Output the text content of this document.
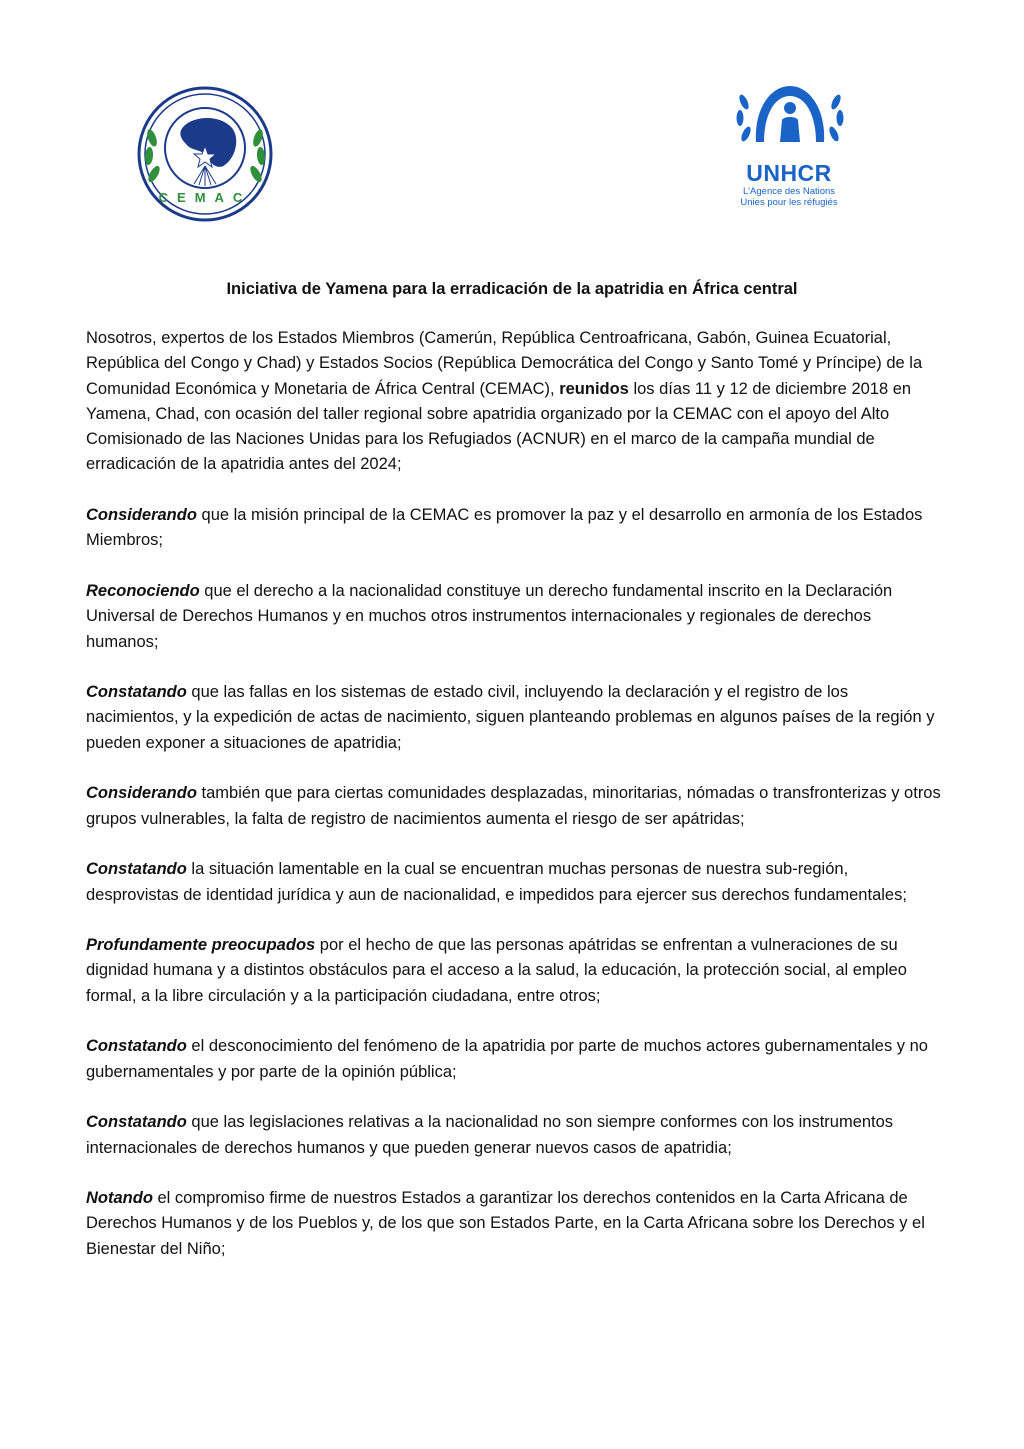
CEMAC
UNHCR
L'Agence des Nations
Unies pour les réfugiés
Iniciativa de Yamena para la erradicación de la apatridia en África central

Nosotros, expertos de los Estados Miembros (Camerún, República Centroafricana, Gabón, Guinea Ecuatorial, República del Congo y Chad) y Estados Socios (República Democrática del Congo y Santo Tomé y Príncipe) de la Comunidad Económica y Monetaria de África Central (CEMAC), reunidos los días 11 y 12 de diciembre 2018 en Yamena, Chad, con ocasión del taller regional sobre apatridia organizado por la CEMAC con el apoyo del Alto Comisionado de las Naciones Unidas para los Refugiados (ACNUR) en el marco de la campaña mundial de erradicación de la apatridia antes del 2024;

Considerando que la misión principal de la CEMAC es promover la paz y el desarrollo en armonía de los Estados Miembros;

Reconociendo que el derecho a la nacionalidad constituye un derecho fundamental inscrito en la Declaración Universal de Derechos Humanos y en muchos otros instrumentos internacionales y regionales de derechos humanos;

Constatando que las fallas en los sistemas de estado civil, incluyendo la declaración y el registro de los nacimientos, y la expedición de actas de nacimiento, siguen planteando problemas en algunos países de la región y pueden exponer a situaciones de apatridia;

Considerando también que para ciertas comunidades desplazadas, minoritarias, nómadas o transfronterizas y otros grupos vulnerables, la falta de registro de nacimientos aumenta el riesgo de ser apátridas;

Constatando la situación lamentable en la cual se encuentran muchas personas de nuestra sub-región, desprovistas de identidad jurídica y aun de nacionalidad, e impedidos para ejercer sus derechos fundamentales;

Profundamente preocupados por el hecho de que las personas apátridas se enfrentan a vulneraciones de su dignidad humana y a distintos obstáculos para el acceso a la salud, la educación, la protección social, al empleo formal, a la libre circulación y a la participación ciudadana, entre otros;

Constatando el desconocimiento del fenómeno de la apatridia por parte de muchos actores gubernamentales y no gubernamentales y por parte de la opinión pública;

Constatando que las legislaciones relativas a la nacionalidad no son siempre conformes con los instrumentos internacionales de derechos humanos y que pueden generar nuevos casos de apatridia;

Notando el compromiso firme de nuestros Estados a garantizar los derechos contenidos en la Carta Africana de Derechos Humanos y de los Pueblos y, de los que son Estados Parte, en la Carta Africana sobre los Derechos y el Bienestar del Niño;
